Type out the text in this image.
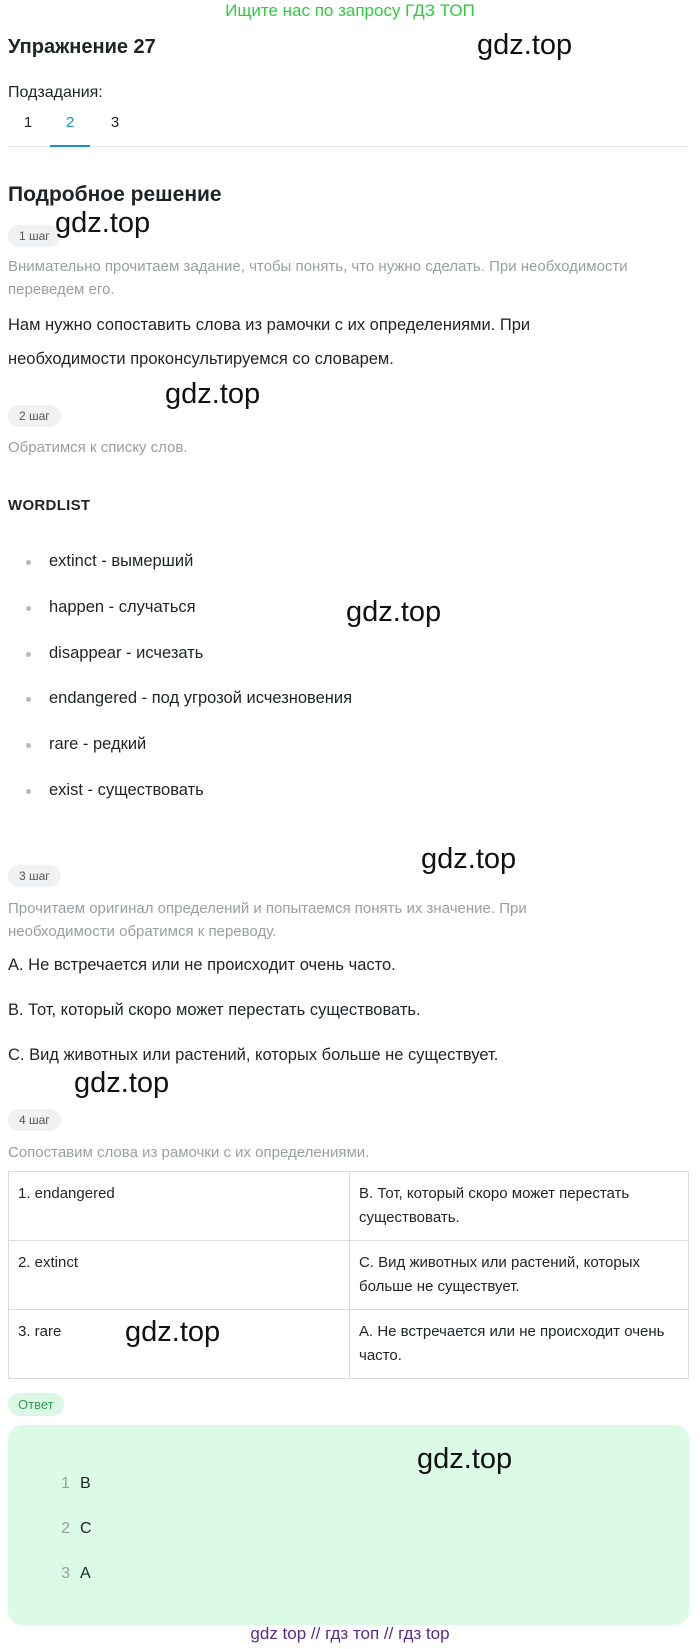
Ищите нас по запросу ГДЗ ТОП
Упражнение 27	gdz.top
Подзадания:
1	2	3
Подробное решение
1 шаг gdz.top
Внимательно прочитаем задание, чтобы понять, что нужно сделать. При необходимости переведем его.
Нам нужно сопоставить слова из рамочки с их определениями. При необходимости проконсультируемся со словарем.
gdz.top
2 шаг
Обратимся к списку слов.
WORDLIST
extinct - вымерший
happen - случаться
disappear - исчезать
endangered - под угрозой исчезновения
rare - редкий
exist - существовать
gdz.top
gdz.top
3 шаг
Прочитаем оригинал определений и попытаемся понять их значение. При необходимости обратимся к переводу.
A. Не встречается или не происходит очень часто.
B. Тот, который скоро может перестать существовать.
C. Вид животных или растений, которых больше не существует.
gdz.top
4 шаг
Сопоставим слова из рамочки с их определениями.
1. endangered	B. Тот, который скоро может перестать существовать.
2. extinct	C. Вид животных или растений, которых больше не существует.
3. rare	A. Не встречается или не происходит очень часто.
gdz.top
Ответ
gdz.top
1 B
2 C
3 A
gdz top // гдз топ // гдз top
